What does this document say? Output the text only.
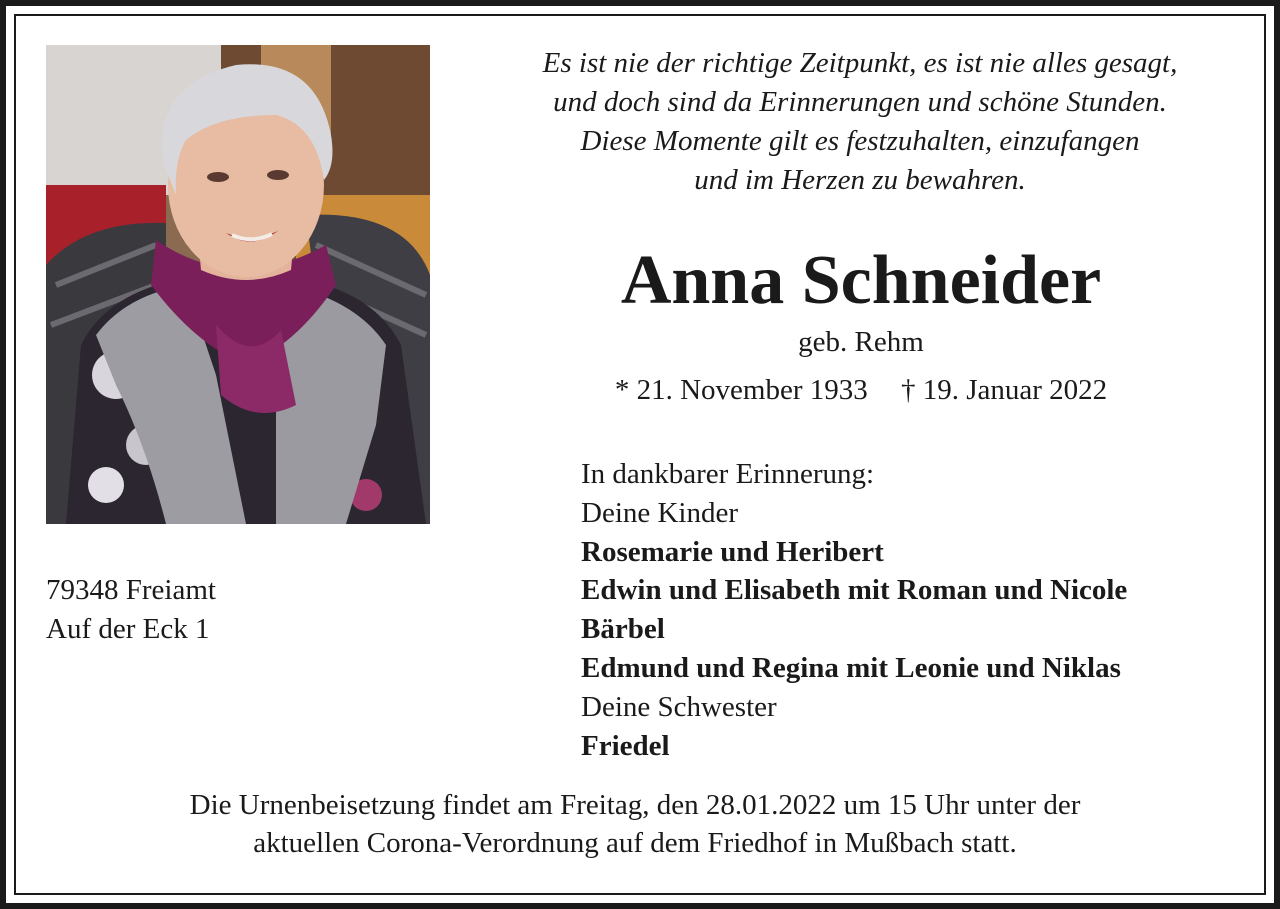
Es ist nie der richtige Zeitpunkt, es ist nie alles gesagt,
und doch sind da Erinnerungen und schöne Stunden.
Diese Momente gilt es festzuhalten, einzufangen
und im Herzen zu bewahren.
Anna Schneider
geb. Rehm
* 21. November 1933 † 19. Januar 2022
In dankbarer Erinnerung:
Deine Kinder
Rosemarie und Heribert
Edwin und Elisabeth mit Roman und Nicole
Bärbel
Edmund und Regina mit Leonie und Niklas
Deine Schwester
Friedel
79348 Freiamt
Auf der Eck 1
Die Urnenbeisetzung findet am Freitag, den 28.01.2022 um 15 Uhr unter der
aktuellen Corona-Verordnung auf dem Friedhof in Mußbach statt.
